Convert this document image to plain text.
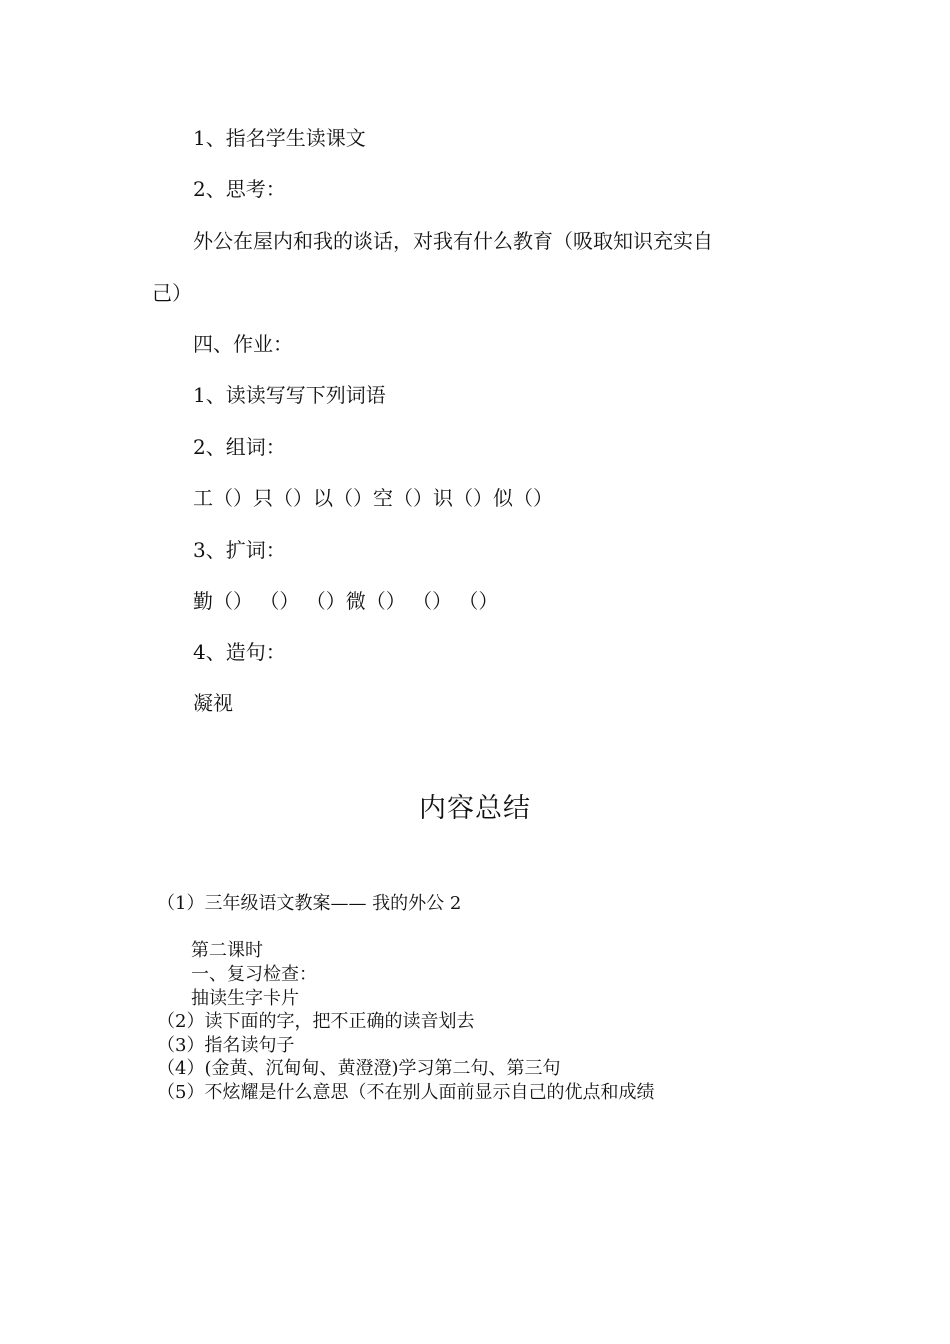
1、指名学生读课文
2、思考：
外公在屋内和我的谈话，对我有什么教育（吸取知识充实自
己）
四、作业：
1、读读写写下列词语
2、组词：
工（）只（）以（）空（）识（）似（）
3、扩词：
勤（） （） （）微（） （） （）
4、造句：
凝视
内容总结
（1）三年级语文教案—— 我的外公 2
第二课时
一、复习检查：
抽读生字卡片
（2）读下面的字，把不正确的读音划去
（3）指名读句子
（4）(金黄、沉甸甸、黄澄澄)学习第二句、第三句
（5）不炫耀是什么意思（不在别人面前显示自己的优点和成绩
